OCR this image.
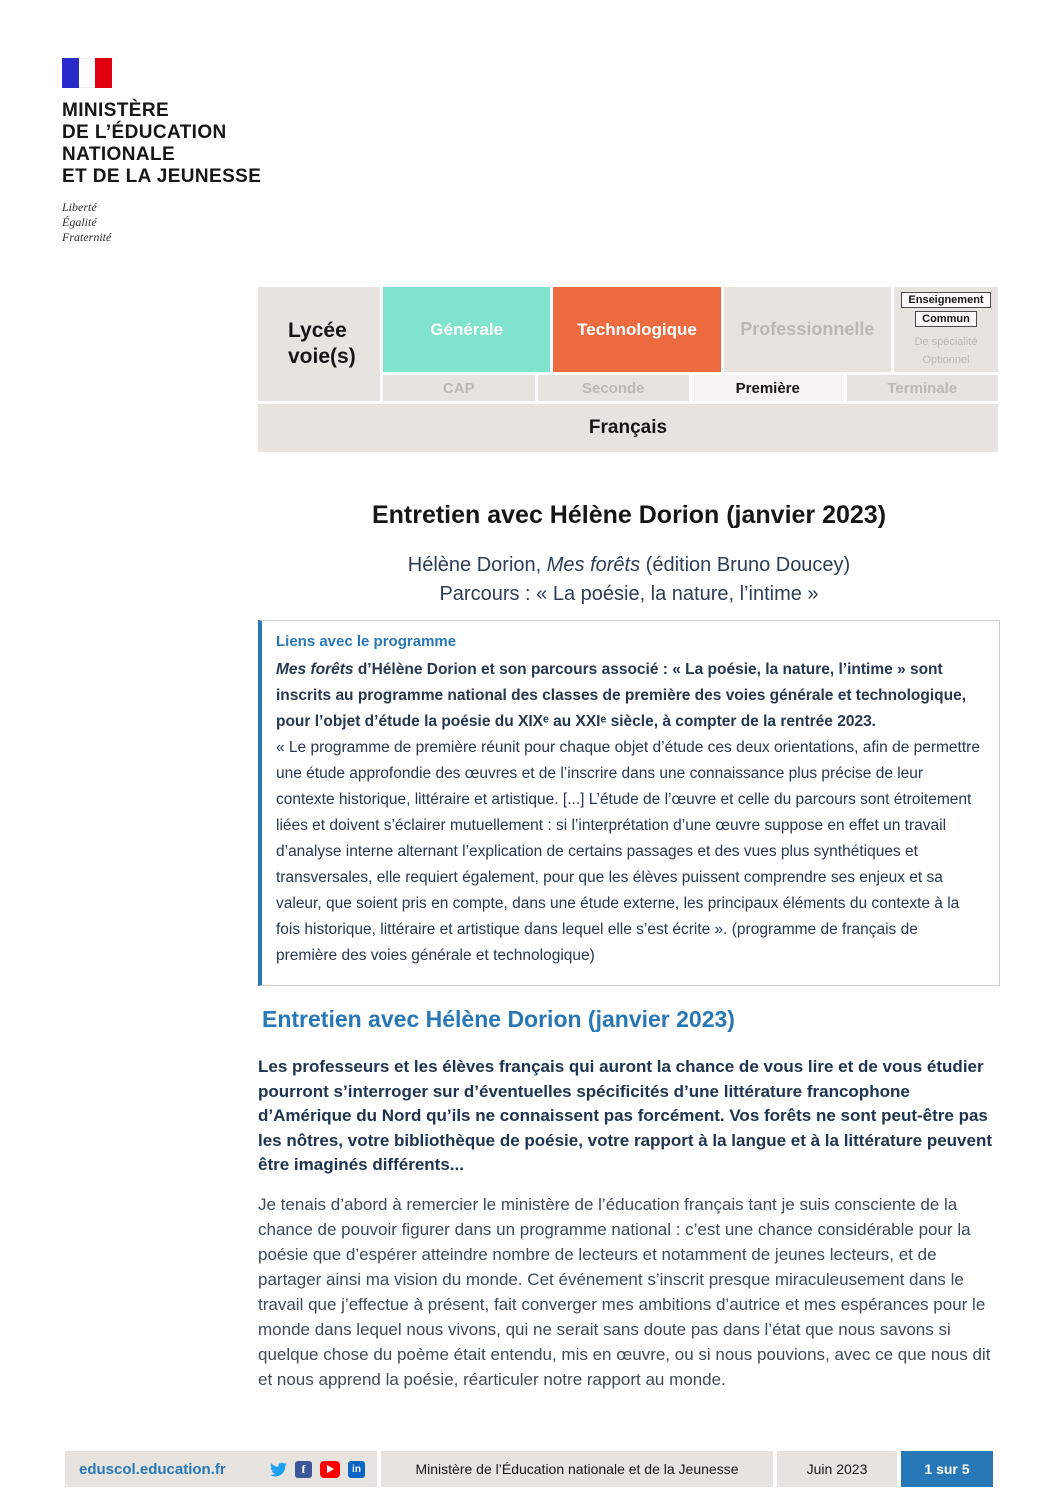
MINISTÈRE
DE L’ÉDUCATION
NATIONALE
ET DE LA JEUNESSE
Liberté
Égalité
Fraternité
Lycée
voie(s)
Générale	Technologique Professionnelle
Enseignement
Commun
De spécialité
Optionnel
CAP	Seconde	Première	Terminale
Français
Entretien avec Hélène Dorion (janvier 2023)
Hélène Dorion, Mes forêts (édition Bruno Doucey)
Parcours : « La poésie, la nature, l’intime »
Liens avec le programme

Mes forêts d’Hélène Dorion et son parcours associé : « La poésie, la nature, l’intime » sont inscrits au programme national des classes de première des voies générale et technologique, pour l’objet d’étude la poésie du XIXᵉ au XXIᵉ siècle, à compter de la rentrée 2023.

« Le programme de première réunit pour chaque objet d’étude ces deux orientations, afin de permettre une étude approfondie des œuvres et de l’inscrire dans une connaissance plus précise de leur contexte historique, littéraire et artistique. [...] L’étude de l’œuvre et celle du parcours sont étroitement liées et doivent s’éclairer mutuellement : si l’interprétation d’une œuvre suppose en effet un travail d’analyse interne alternant l’explication de certains passages et des vues plus synthétiques et transversales, elle requiert également, pour que les élèves puissent comprendre ses enjeux et sa valeur, que soient pris en compte, dans une étude externe, les principaux éléments du contexte à la fois historique, littéraire et artistique dans lequel elle s’est écrite ». (programme de français de première des voies générale et technologique)

Entretien avec Hélène Dorion (janvier 2023)

Les professeurs et les élèves français qui auront la chance de vous lire et de vous étudier pourront s’interroger sur d’éventuelles spécificités d’une littérature francophone d’Amérique du Nord qu’ils ne connaissent pas forcément. Vos forêts ne sont peut-être pas les nôtres, votre bibliothèque de poésie, votre rapport à la langue et à la littérature peuvent être imaginés différents...

Je tenais d’abord à remercier le ministère de l’éducation français tant je suis consciente de la chance de pouvoir figurer dans un programme national : c’est une chance considérable pour la poésie que d’espérer atteindre nombre de lecteurs et notamment de jeunes lecteurs, et de partager ainsi ma vision du monde. Cet événement s’inscrit presque miraculeusement dans le travail que j’effectue à présent, fait converger mes ambitions d’autrice et mes espérances pour le monde dans lequel nous vivons, qui ne serait sans doute pas dans l’état que nous savons si quelque chose du poème était entendu, mis en œuvre, ou si nous pouvions, avec ce que nous dit et nous apprend la poésie, réarticuler notre rapport au monde.

eduscol.education.fr	f	in	Ministère de l’Éducation nationale et de la Jeunesse	Juin 2023	1 sur 5
